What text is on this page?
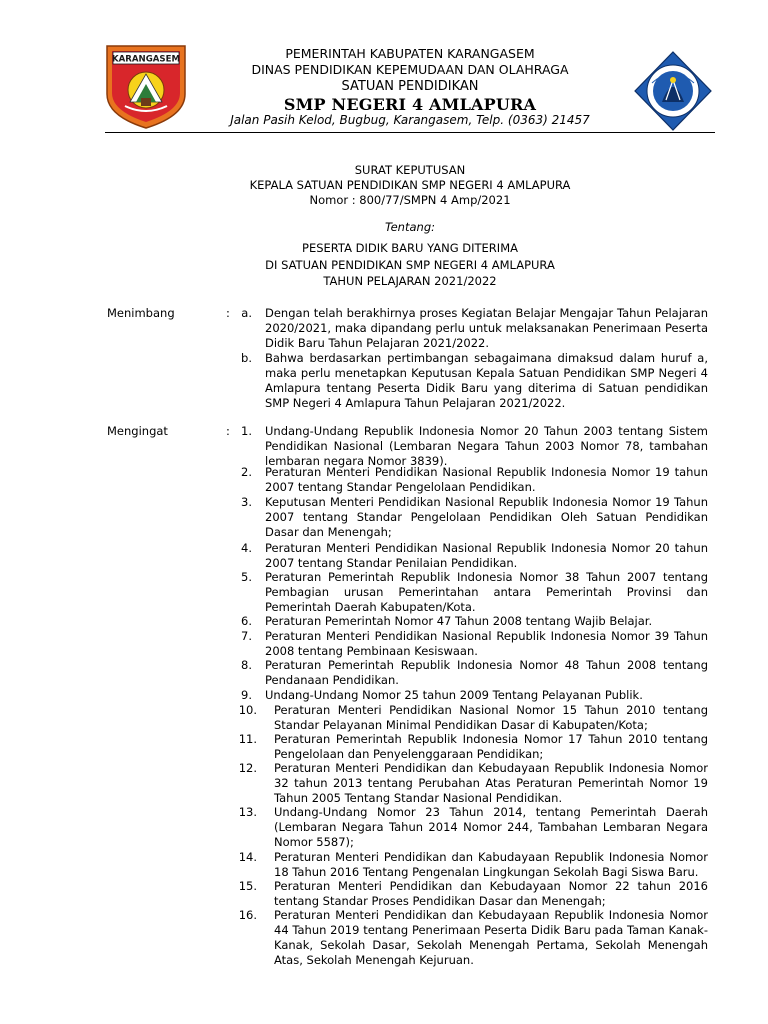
KARANGASEM	PEMERINTAH KABUPATEN KARANGASEM
DINAS PENDIDIKAN KEPEMUDAAN DAN OLAHRAGA
SATUAN PENDIDIKAN
SMP NEGERI 4 AMLAPURA
Jalan Pasih Kelod, Bugbug, Karangasem, Telp. (0363) 21457
SURAT KEPUTUSAN
KEPALA SATUAN PENDIDIKAN SMP NEGERI 4 AMLAPURA
Nomor : 800/77/SMPN 4 Amp/2021
Tentang:
PESERTA DIDIK BARU YANG DITERIMA
DI SATUAN PENDIDIKAN SMP NEGERI 4 AMLAPURA
TAHUN PELAJARAN 2021/2022
Menimbang	: a. Dengan telah berakhirnya proses Kegiatan Belajar Mengajar Tahun Pelajaran 2020/2021, maka dipandang perlu untuk melaksanakan Penerimaan Peserta Didik Baru Tahun Pelajaran 2021/2022.
b. Bahwa berdasarkan pertimbangan sebagaimana dimaksud dalam huruf a, maka perlu menetapkan Keputusan Kepala Satuan Pendidikan SMP Negeri 4 Amlapura tentang Peserta Didik Baru yang diterima di Satuan pendidikan SMP Negeri 4 Amlapura Tahun Pelajaran 2021/2022.
Mengingat	: 1. Undang-Undang Republik Indonesia Nomor 20 Tahun 2003 tentang Sistem Pendidikan Nasional (Lembaran Negara Tahun 2003 Nomor 78, tambahan lembaran negara Nomor 3839).
2. Peraturan Menteri Pendidikan Nasional Republik Indonesia Nomor 19 tahun 2007 tentang Standar Pengelolaan Pendidikan.
3. Keputusan Menteri Pendidikan Nasional Republik Indonesia Nomor 19 Tahun 2007 tentang Standar Pengelolaan Pendidikan Oleh Satuan Pendidikan Dasar dan Menengah;
4. Peraturan Menteri Pendidikan Nasional Republik Indonesia Nomor 20 tahun 2007 tentang Standar Penilaian Pendidikan.
5. Peraturan Pemerintah Republik Indonesia Nomor 38 Tahun 2007 tentang Pembagian urusan Pemerintahan antara Pemerintah Provinsi dan Pemerintah Daerah Kabupaten/Kota.
6. Peraturan Pemerintah Nomor 47 Tahun 2008 tentang Wajib Belajar.
7. Peraturan Menteri Pendidikan Nasional Republik Indonesia Nomor 39 Tahun 2008 tentang Pembinaan Kesiswaan.
8. Peraturan Pemerintah Republik Indonesia Nomor 48 Tahun 2008 tentang Pendanaan Pendidikan.
9. Undang-Undang Nomor 25 tahun 2009 Tentang Pelayanan Publik.
10. Peraturan Menteri Pendidikan Nasional Nomor 15 Tahun 2010 tentang Standar Pelayanan Minimal Pendidikan Dasar di Kabupaten/Kota;
11. Peraturan Pemerintah Republik Indonesia Nomor 17 Tahun 2010 tentang Pengelolaan dan Penyelenggaraan Pendidikan;
12. Peraturan Menteri Pendidikan dan Kebudayaan Republik Indonesia Nomor 32 tahun 2013 tentang Perubahan Atas Peraturan Pemerintah Nomor 19 Tahun 2005 Tentang Standar Nasional Pendidikan.
13. Undang-Undang Nomor 23 Tahun 2014, tentang Pemerintah Daerah (Lembaran Negara Tahun 2014 Nomor 244, Tambahan Lembaran Negara Nomor 5587);
14. Peraturan Menteri Pendidikan dan Kabudayaan Republik Indonesia Nomor 18 Tahun 2016 Tentang Pengenalan Lingkungan Sekolah Bagi Siswa Baru.
15. Peraturan Menteri Pendidikan dan Kebudayaan Nomor 22 tahun 2016 tentang Standar Proses Pendidikan Dasar dan Menengah;
16. Peraturan Menteri Pendidikan dan Kebudayaan Republik Indonesia Nomor 44 Tahun 2019 tentang Penerimaan Peserta Didik Baru pada Taman Kanak-Kanak, Sekolah Dasar, Sekolah Menengah Pertama, Sekolah Menengah Atas, Sekolah Menengah Kejuruan.
